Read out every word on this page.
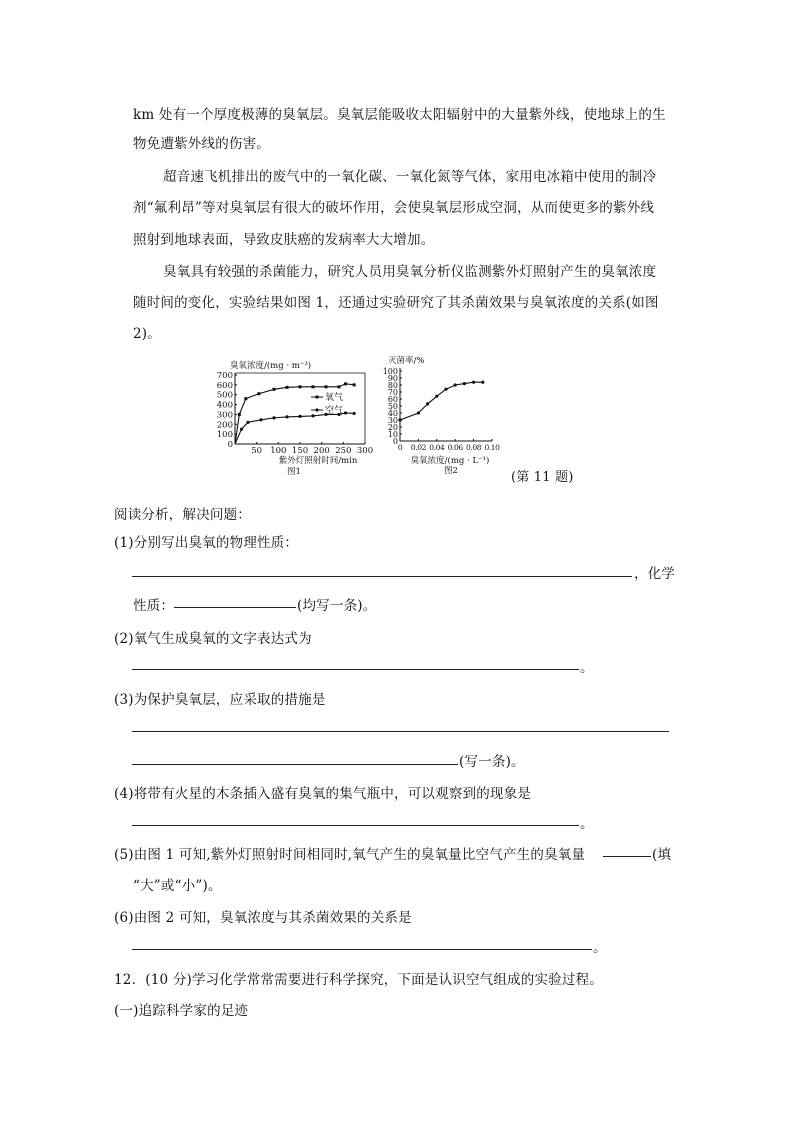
km 处有一个厚度极薄的臭氧层。臭氧层能吸收太阳辐射中的大量紫外线，使地球上的生
物免遭紫外线的伤害。
超音速飞机排出的废气中的一氧化碳、一氧化氮等气体，家用电冰箱中使用的制冷
剂“氟利昂”等对臭氧层有很大的破坏作用，会使臭氧层形成空洞，从而使更多的紫外线
照射到地球表面，导致皮肤癌的发病率大大增加。
臭氧具有较强的杀菌能力，研究人员用臭氧分析仪监测紫外灯照射产生的臭氧浓度
随时间的变化，实验结果如图 1，还通过实验研究了其杀菌效果与臭氧浓度的关系(如图
2)。
臭氧浓度/(mg · m⁻³)
0
100
200
300
400
500
600
700
50 100 150 200 250 300
紫外灯照射时间/min
图1
氧气
空气
灭菌率/%
0
10
20
30
40
50
60
70
80
90
100
0 0.02 0.04 0.06 0.08 0.10
臭氧浓度/(mg · L⁻¹)
图2	(第 11 题)
阅读分析，解决问题：
(1)分别写出臭氧的物理性质：
，化学
性质：	(均写一条)。
(2)氧气生成臭氧的文字表达式为
。
(3)为保护臭氧层，应采取的措施是
(写一条)。
(4)将带有火星的木条插入盛有臭氧的集气瓶中，可以观察到的现象是
。
(5)由图 1 可知,紫外灯照射时间相同时,氧气产生的臭氧量比空气产生的臭氧量	(填
“大”或“小”)。
(6)由图 2 可知，臭氧浓度与其杀菌效果的关系是
。
12．(10 分)学习化学常常需要进行科学探究，下面是认识空气组成的实验过程。
(一)追踪科学家的足迹
